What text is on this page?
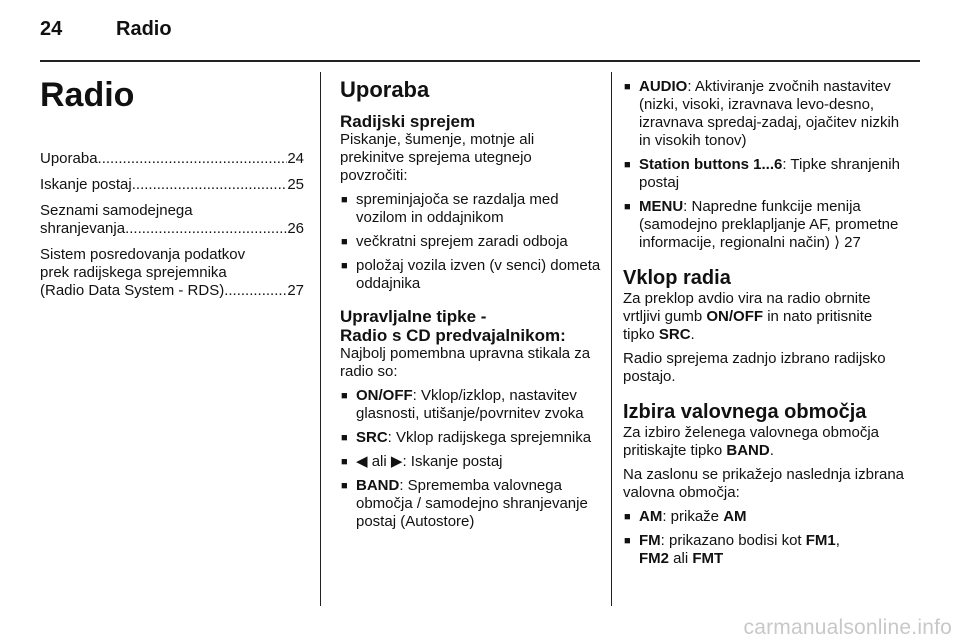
24	Radio
Radio
Uporaba .....	24
Iskanje postaj .....	25
Seznami samodejnega
shranjevanja .....	26
Sistem posredovanja podatkov
prek radijskega sprejemnika
(Radio Data System - RDS) .....	27
Uporaba
Radijski sprejem

Piskanje, šumenje, motnje ali prekinitve sprejema utegnejo povzročiti:

■ spreminjajoča se razdalja med vozilom in oddajnikom
■ večkratni sprejem zaradi odboja
■ položaj vozila izven (v senci) dometa oddajnika
Upravljalne tipke -
Radio s CD predvajalnikom:

Najbolj pomembna upravna stikala za radio so:

■ ON/OFF: Vklop/izklop, nastavitev glasnosti, utišanje/povrnitev zvoka
■ SRC: Vklop radijskega sprejemnika
■ ◀ ali ▶: Iskanje postaj
■ BAND: Sprememba valovnega območja / samodejno shranjevanje postaj (Autostore)
■ AUDIO: Aktiviranje zvočnih nastavitev (nizki, visoki, izravnava levo-desno, izravnava spredaj-zadaj, ojačitev nizkih in visokih tonov)
■ Station buttons 1...6: Tipke shranjenih postaj
■ MENU: Napredne funkcije menija (samodejno preklapljanje AF, prometne informacije, regionalni način) ⟩ 27
Vklop radia

Za preklop avdio vira na radio obrnite vrtljivi gumb ON/OFF in nato pritisnite tipko SRC.

Radio sprejema zadnjo izbrano radijsko postajo.

Izbira valovnega območja

Za izbiro želenega valovnega območja pritiskajte tipko BAND.

Na zaslonu se prikažejo naslednja izbrana valovna območja:

■ AM: prikaže AM
■ FM: prikazano bodisi kot FM1,
FM2 ali FMT
carmanualsonline.info
